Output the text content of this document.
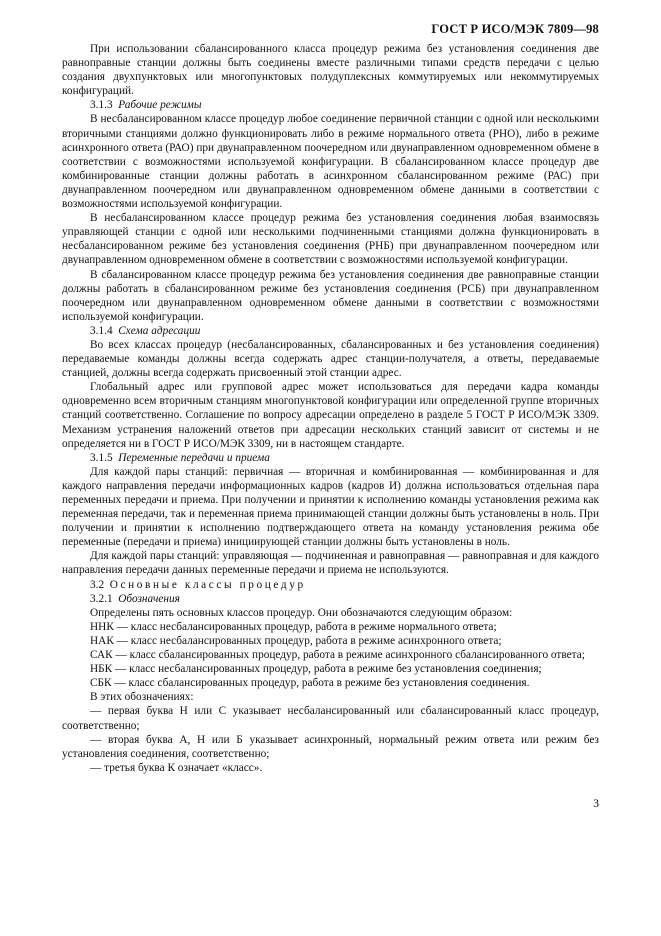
ГОСТ Р ИСО/МЭК 7809—98

При использовании сбалансированного класса процедур режима без установления соединения две равноправные станции должны быть соединены вместе различными типами средств передачи с целью создания двухпунктовых или многопунктовых полудуплексных коммутируемых или некоммутируемых конфигураций.

3.1.3 Рабочие режимы

В несбалансированном классе процедур любое соединение первичной станции с одной или несколькими вторичными станциями должно функционировать либо в режиме нормального ответа (РНО), либо в режиме асинхронного ответа (РАО) при двунаправленном поочередном или двунаправленном одновременном обмене в соответствии с возможностями используемой конфигурации. В сбалансированном классе процедур две комбинированные станции должны работать в асинхронном сбалансированном режиме (РАС) при двунаправленном поочередном или двунаправленном одновременном обмене данными в соответствии с возможностями используемой конфигурации.

В несбалансированном классе процедур режима без установления соединения любая взаимосвязь управляющей станции с одной или несколькими подчиненными станциями должна функционировать в несбалансированном режиме без установления соединения (РНБ) при двунаправленном поочередном или двунаправленном одновременном обмене в соответствии с возможностями используемой конфигурации.

В сбалансированном классе процедур режима без установления соединения две равноправные станции должны работать в сбалансированном режиме без установления соединения (РСБ) при двунаправленном поочередном или двунаправленном одновременном обмене данными в соответствии с возможностями используемой конфигурации.

3.1.4 Схема адресации

Во всех классах процедур (несбалансированных, сбалансированных и без установления соединения) передаваемые команды должны всегда содержать адрес станции-получателя, а ответы, передаваемые станцией, должны всегда содержать присвоенный этой станции адрес.

Глобальный адрес или групповой адрес может использоваться для передачи кадра команды одновременно всем вторичным станциям многопунктовой конфигурации или определенной группе вторичных станций соответственно. Соглашение по вопросу адресации определено в разделе 5 ГОСТ Р ИСО/МЭК 3309. Механизм устранения наложений ответов при адресации нескольких станций зависит от системы и не определяется ни в ГОСТ Р ИСО/МЭК 3309, ни в настоящем стандарте.

3.1.5 Переменные передачи и приема

Для каждой пары станций: первичная — вторичная и комбинированная — комбинированная и для каждого направления передачи информационных кадров (кадров И) должна использоваться отдельная пара переменных передачи и приема. При получении и принятии к исполнению команды установления режима как переменная передачи, так и переменная приема принимающей станции должны быть установлены в ноль. При получении и принятии к исполнению подтверждающего ответа на команду установления режима обе переменные (передачи и приема) инициирующей станции должны быть установлены в ноль.

Для каждой пары станций: управляющая — подчиненная и равноправная — равноправная и для каждого направления передачи данных переменные передачи и приема не используются.

3.2 Основные классы процедур

3.2.1 Обозначения

Определены пять основных классов процедур. Они обозначаются следующим образом:

ННК — класс несбалансированных процедур, работа в режиме нормального ответа;

НАК — класс несбалансированных процедур, работа в режиме асинхронного ответа;

САК — класс сбалансированных процедур, работа в режиме асинхронного сбалансированного ответа;

НБК — класс несбалансированных процедур, работа в режиме без установления соединения;

СБК — класс сбалансированных процедур, работа в режиме без установления соединения.

В этих обозначениях:

— первая буква Н или С указывает несбалансированный или сбалансированный класс процедур, соответственно;

— вторая буква А, Н или Б указывает асинхронный, нормальный режим ответа или режим без установления соединения, соответственно;

— третья буква К означает «класс».

3
